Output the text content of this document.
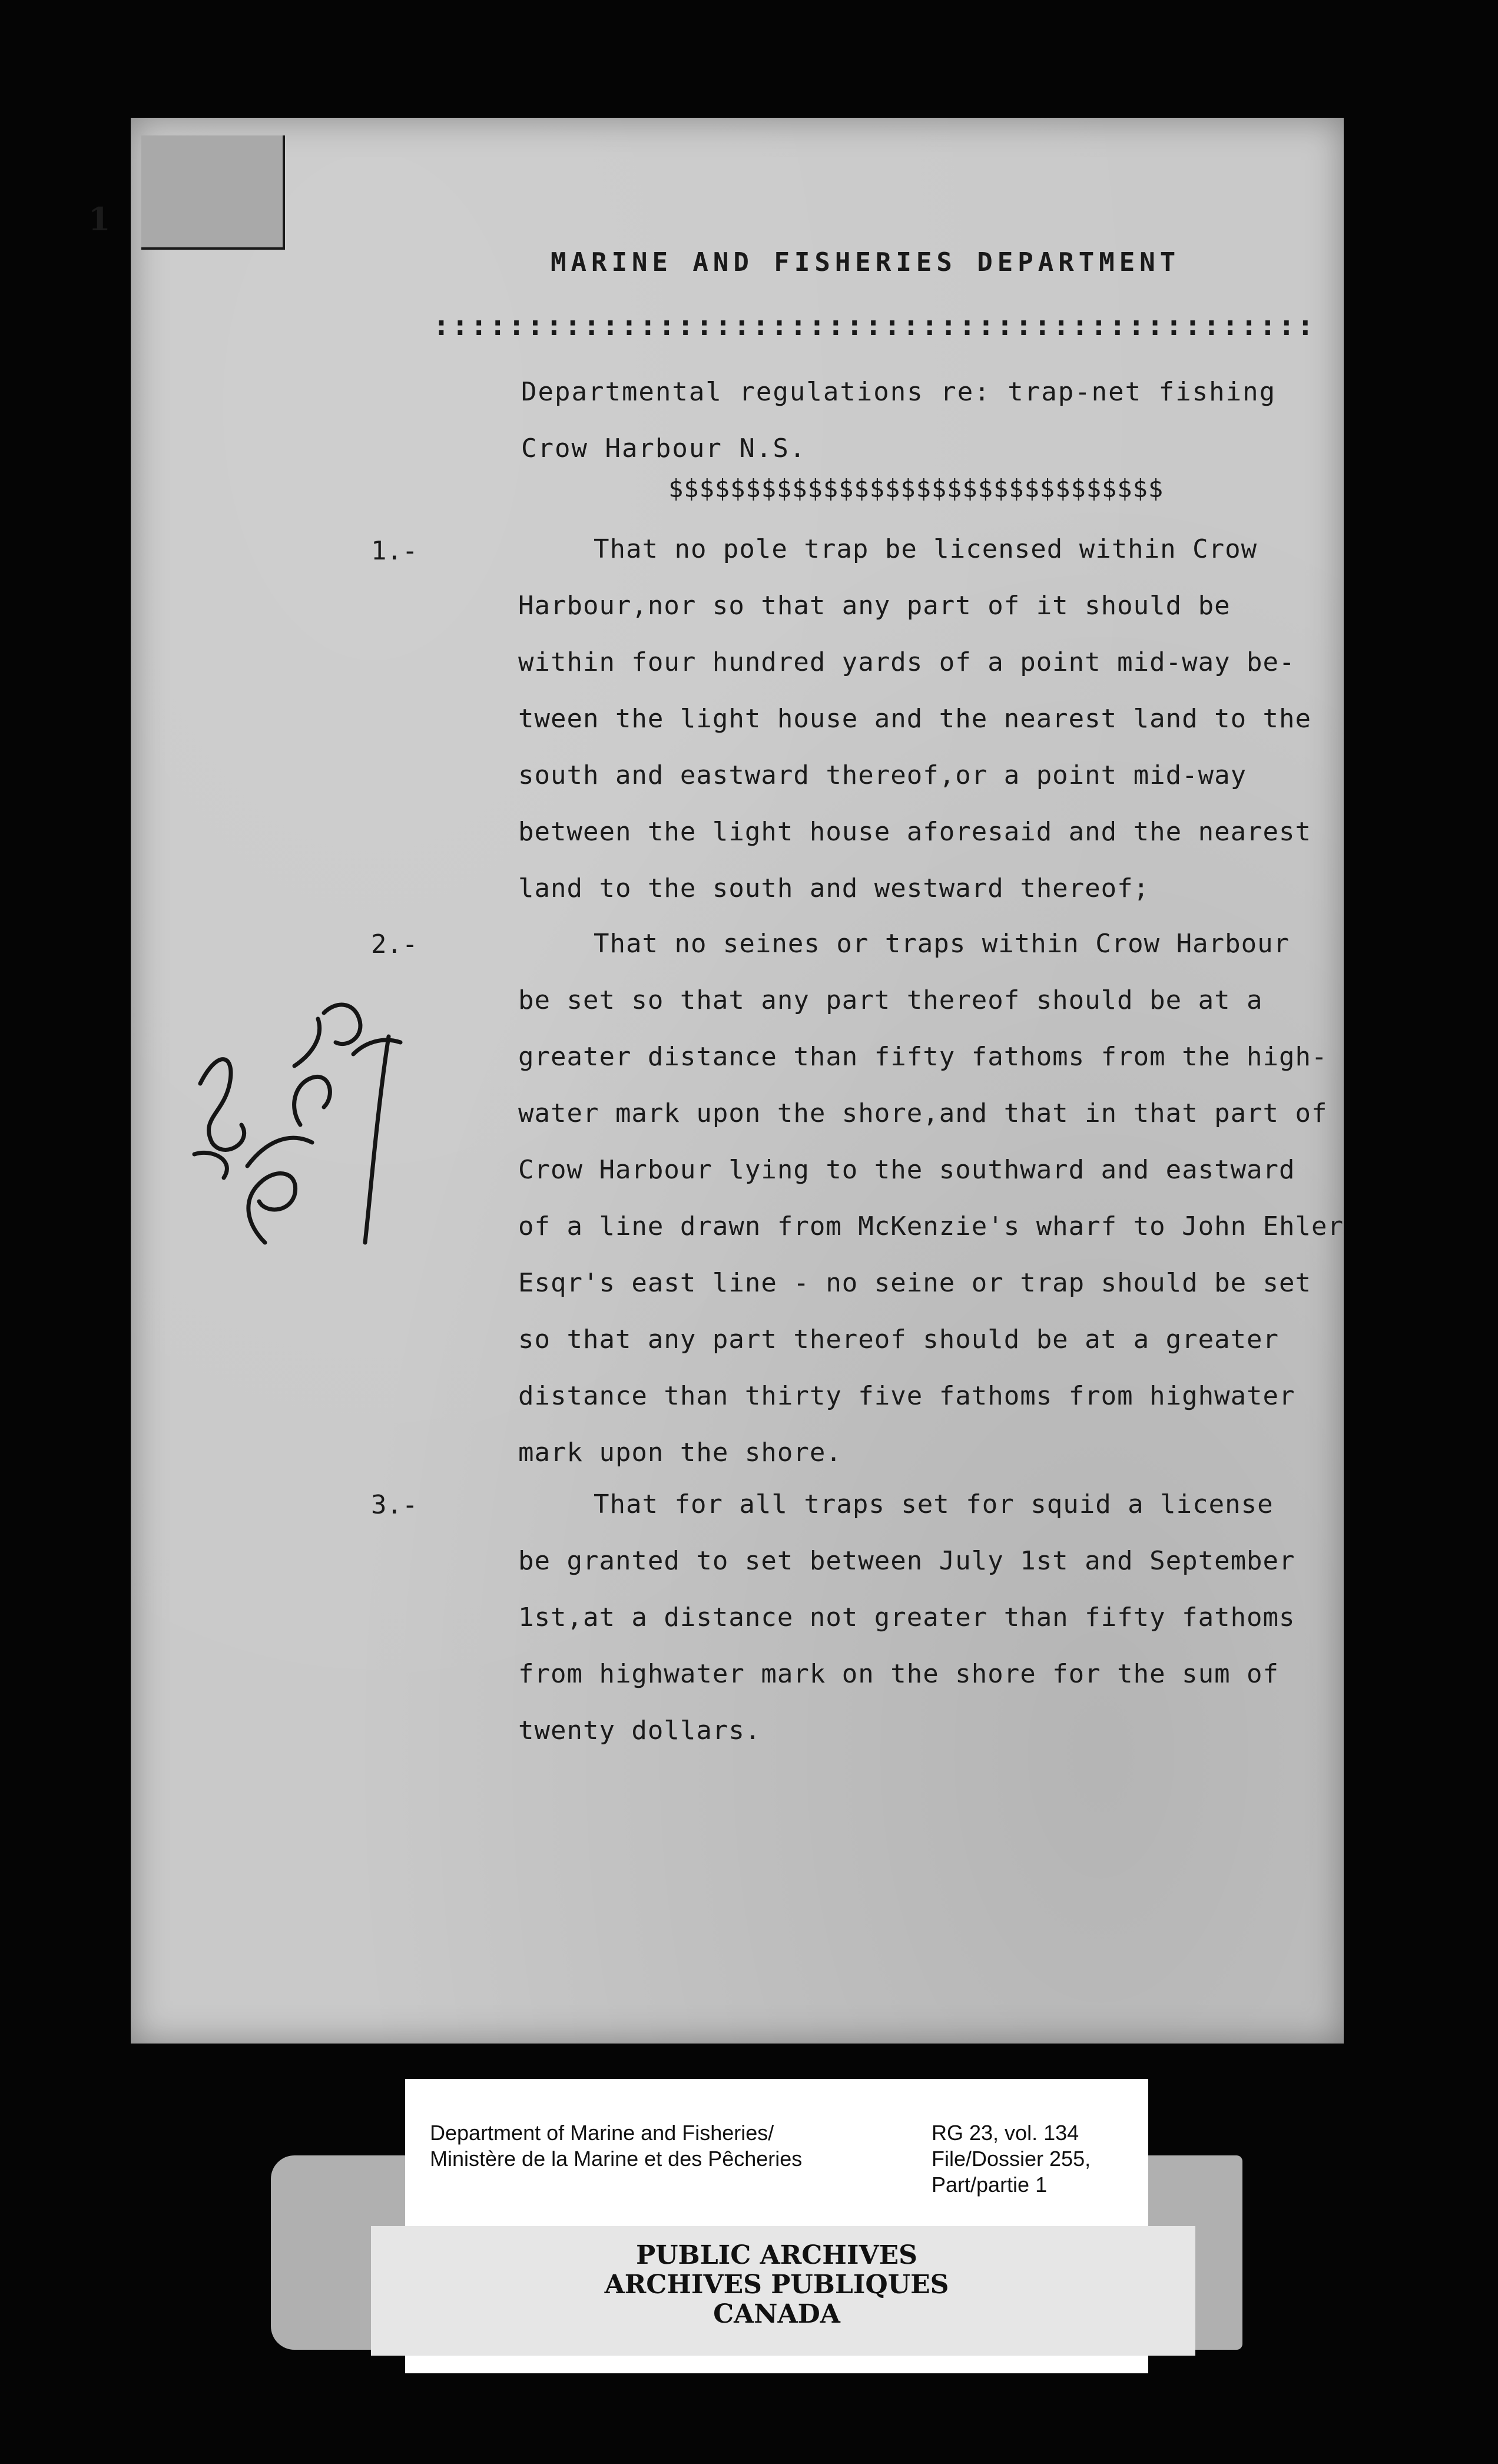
1
MARINE AND FISHERIES DEPARTMENT
:::::::::::::::::::::::::::::::::::::::::::::::
Departmental regulations re: trap-net fishing
Crow Harbour N.S.
$$$$$$$$$$$$$$$$$$$$$$$$$$$$$$$$
1.-	That no pole trap be licensed within Crow
Harbour,nor so that any part of it should be
within four hundred yards of a point mid-way be-
tween the light house and the nearest land to the
south and eastward thereof,or a point mid-way
between the light house aforesaid and the nearest
land to the south and westward thereof;
2.-	That no seines or traps within Crow Harbour
be set so that any part thereof should be at a
greater distance than fifty fathoms from the high-
water mark upon the shore,and that in that part of
Crow Harbour lying to the southward and eastward
of a line drawn from McKenzie's wharf to John Ehler
Esqr's east line - no seine or trap should be set
so that any part thereof should be at a greater
distance than thirty five fathoms from highwater
mark upon the shore.
3.-	That for all traps set for squid a license
be granted to set between July 1st and September
1st,at a distance not greater than fifty fathoms
from highwater mark on the shore for the sum of
twenty dollars.
Department of Marine and Fisheries/
Ministère de la Marine et des Pêcheries
RG 23, vol. 134
File/Dossier 255,
Part/partie 1
PUBLIC ARCHIVES
ARCHIVES PUBLIQUES
CANADA
